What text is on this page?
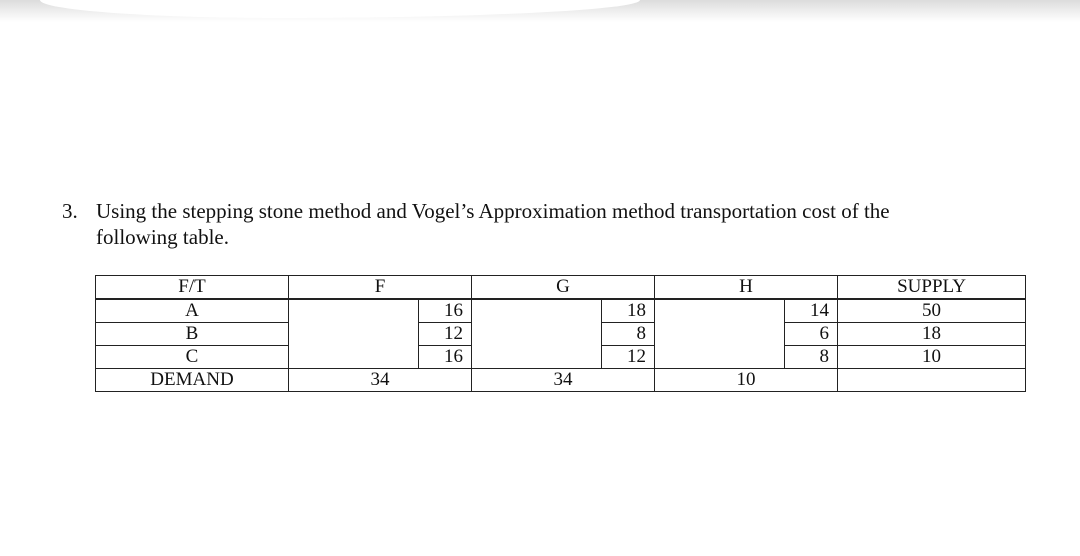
3. Using the stepping stone method and Vogel’s Approximation method transportation cost of the
following table.
F/T	F	G	H	SUPPLY
A		16		18		14	50
B		12		8		6	18
C		16		12		8	10
DEMAND	34		34		10		
